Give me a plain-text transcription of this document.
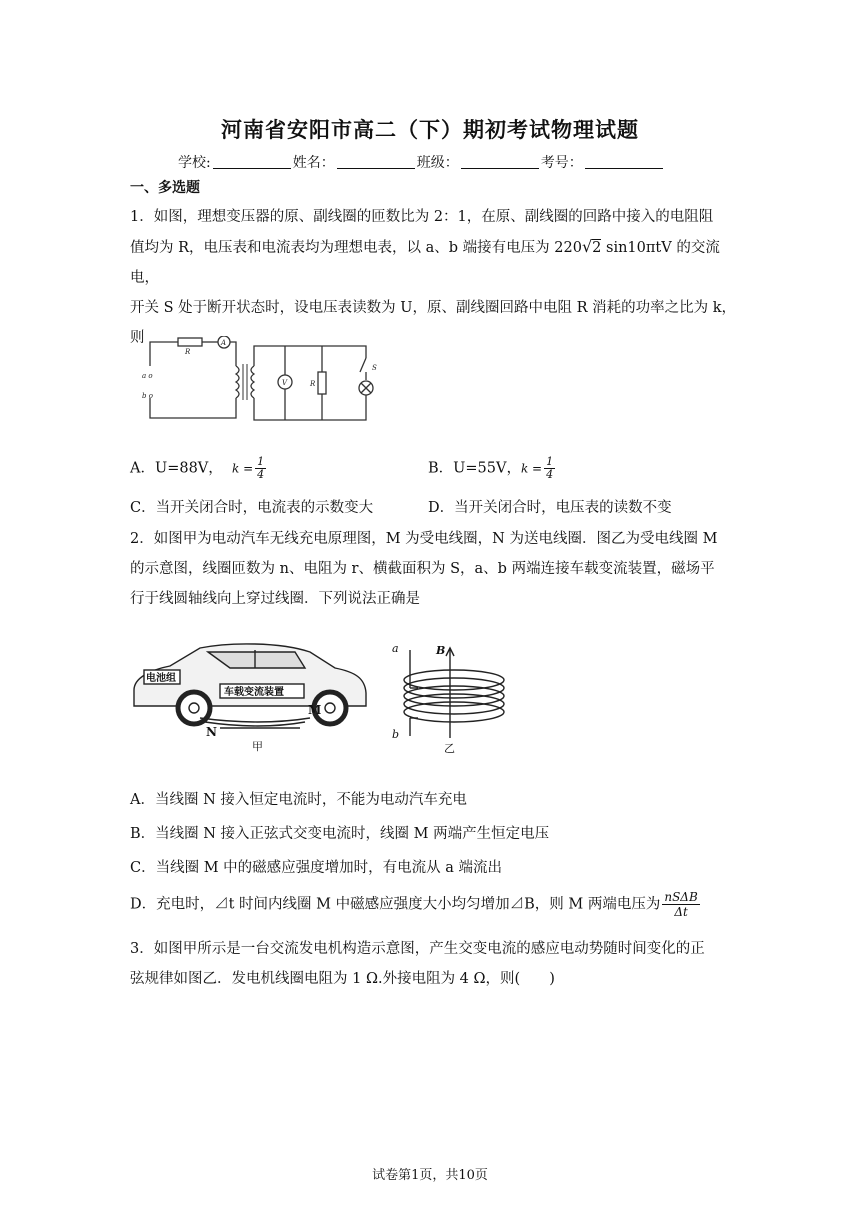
河南省安阳市高二（下）期初考试物理试题
学校:	姓名：	班级：	考号：
一、多选题
1．如图，理想变压器的原、副线圈的匝数比为 2：1，在原、副线圈的回路中接入的电阻阻
值均为 R，电压表和电流表均为理想电表，以 a、b 端接有电压为 220√2 sin10πtV 的交流电，
开关 S 处于断开状态时，设电压表读数为 U，原、副线圈回路中电阻 R 消耗的功率之比为 k，
则
R
A
a o
b o
V	R
S
A．U=88V， $k = \frac{1}{4}$	B．U=55V，$k = \frac{1}{4}$
C．当开关闭合时，电流表的示数变大	D．当开关闭合时，电压表的读数不变
2．如图甲为电动汽车无线充电原理图，M 为受电线圈，N 为送电线圈．图乙为受电线圈 M
的示意图，线圈匝数为 n、电阻为 r、横截面积为 S，a、b 两端连接车载变流装置，磁场平
行于线圆轴线向上穿过线圈．下列说法正确是
电池组
车载变流装置
M
N
甲
a
b
B
乙
A．当线圈 N 接入恒定电流时，不能为电动汽车充电
B．当线圈 N 接入正弦式交变电流时，线圈 M 两端产生恒定电压
C．当线圈 M 中的磁感应强度增加时，有电流从 a 端流出
D．充电时，⊿t 时间内线圈 M 中磁感应强度大小均匀增加⊿B，则 M 两端电压为 $\frac{\text{nSΔB}}{\Delta t}$
3．如图甲所示是一台交流发电机构造示意图，产生交变电流的感应电动势随时间变化的正
弦规律如图乙．发电机线圈电阻为 1 Ω.外接电阻为 4 Ω，则(　　)
试卷第1页，共10页
